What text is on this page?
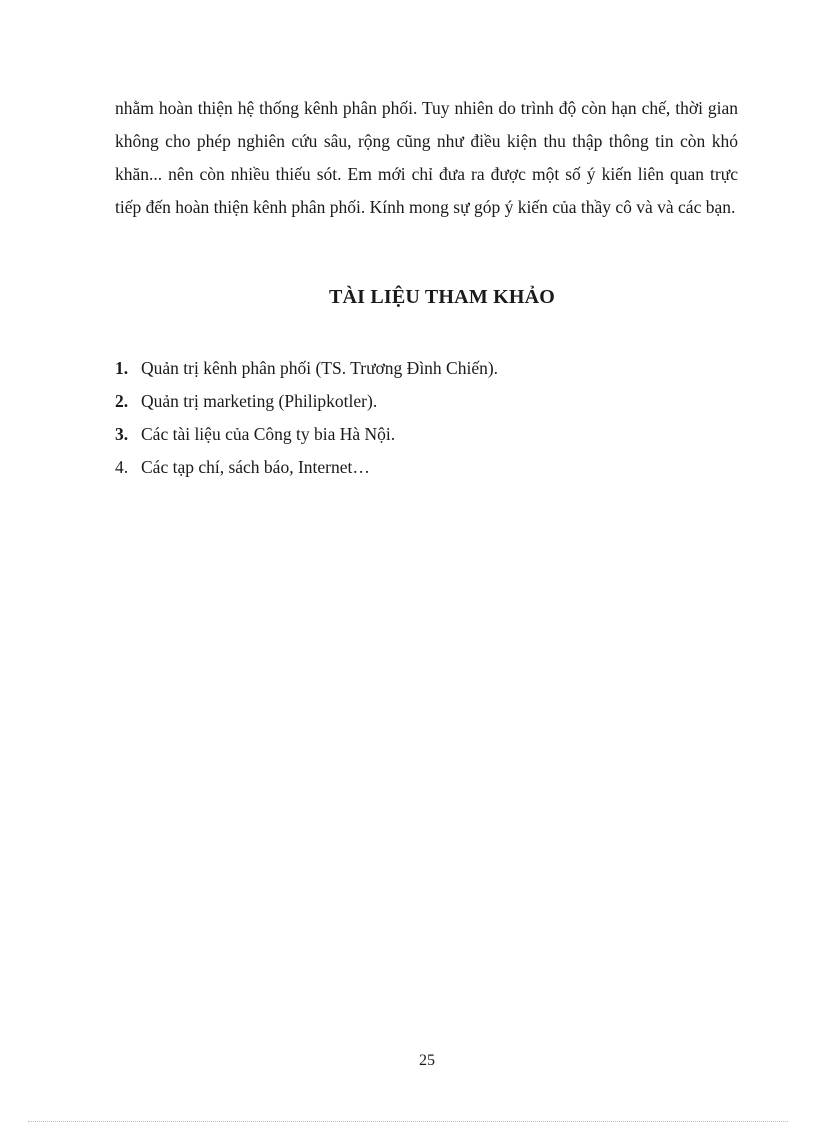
nhằm hoàn thiện hệ thống kênh phân phối. Tuy nhiên do trình độ còn hạn chế, thời gian không cho phép nghiên cứu sâu, rộng cũng như điều kiện thu thập thông tin còn khó khăn... nên còn nhiều thiếu sót. Em mới chỉ đưa ra được một số ý kiến liên quan trực tiếp đến hoàn thiện kênh phân phối. Kính mong sự góp ý kiến của thầy cô và và các bạn.

TÀI LIỆU THAM KHẢO
1. Quản trị kênh phân phối (TS. Trương Đình Chiến).
2. Quản trị marketing (Philipkotler).
3. Các tài liệu của Công ty bia Hà Nội.
4. Các tạp chí, sách báo, Internet…
25
